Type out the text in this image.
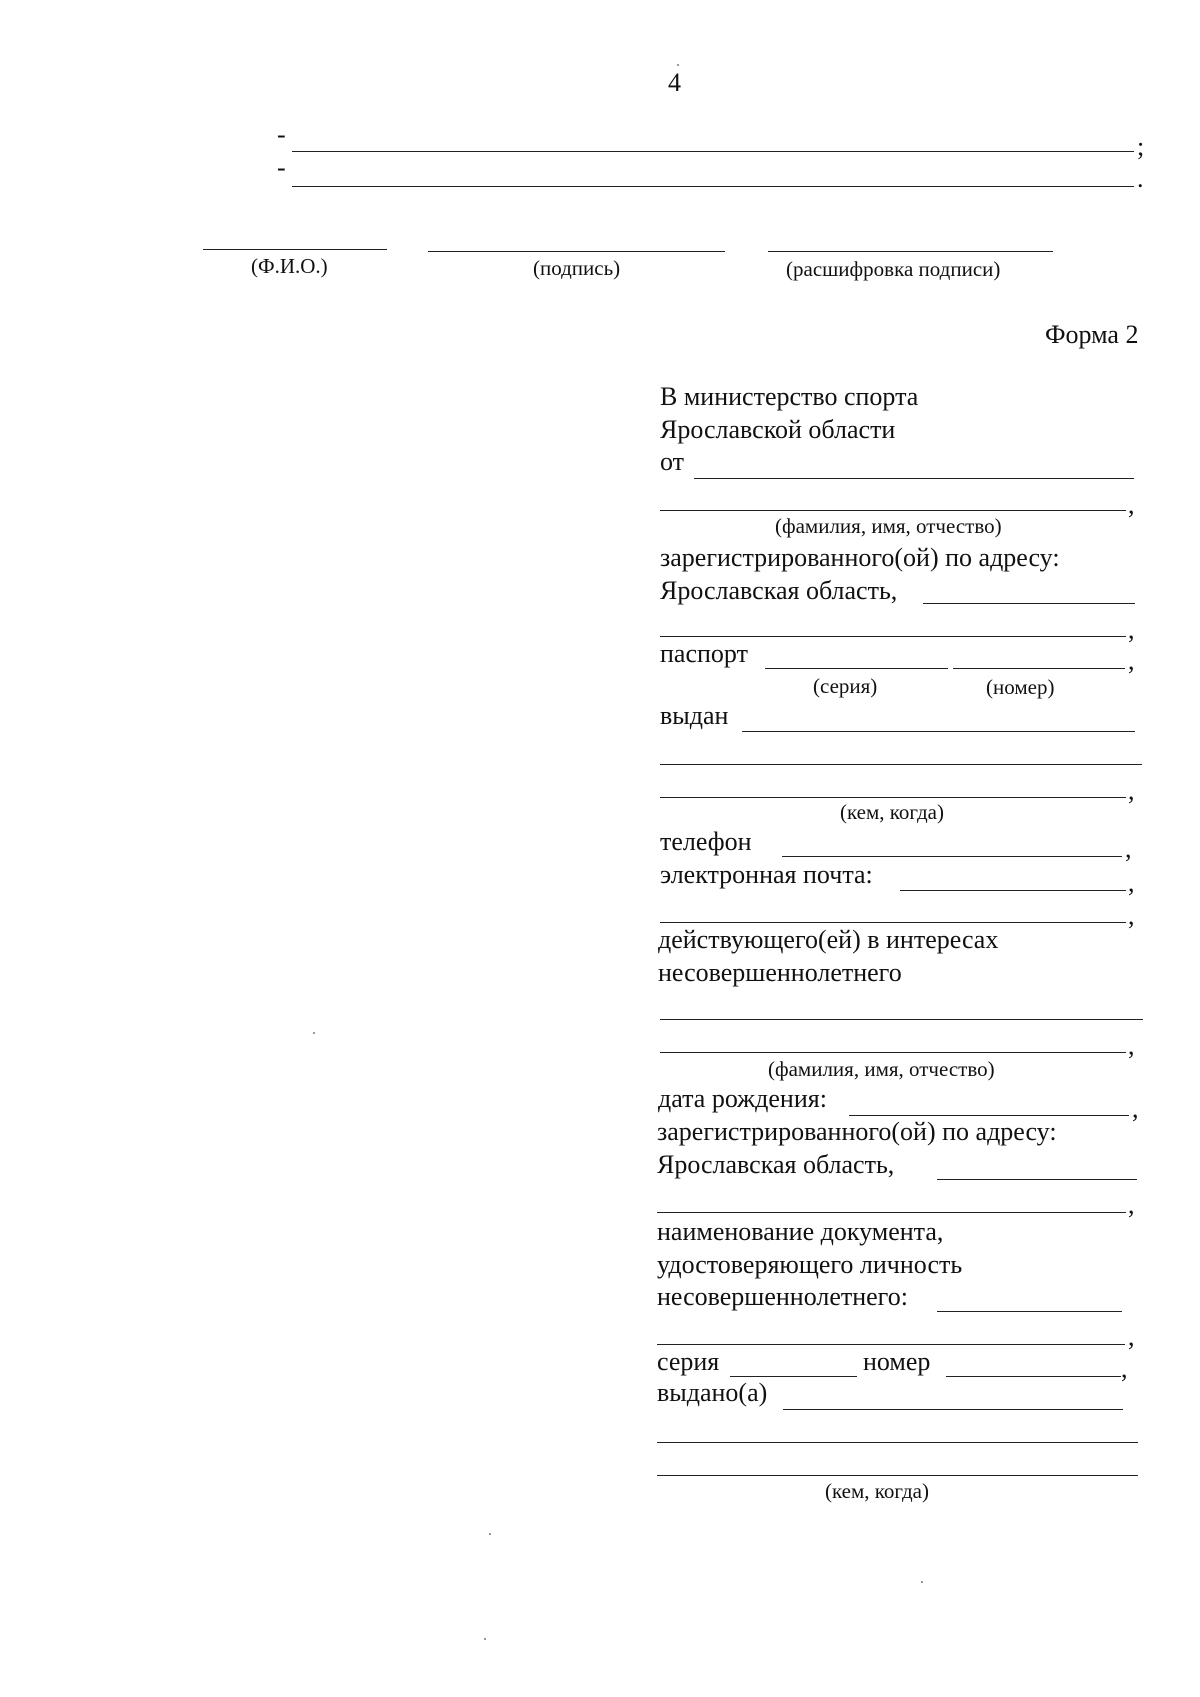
4
-	;
-	.
(Ф.И.О.)	(подпись)	(расшифровка подписи)
Форма 2
В министерство спорта
Ярославской области
от
,
(фамилия, имя, отчество)
зарегистрированного(ой) по адресу:
Ярославская область,
,
паспорт	,
(серия)	(номер)
выдан
,
(кем, когда)
телефон	,
электронная почта:	,
,
действующего(ей) в интересах
несовершеннолетнего
,
(фамилия, имя, отчество)
дата рождения:	,
зарегистрированного(ой) по адресу:
Ярославская область,
,
наименование документа,
удостоверяющего личность
несовершеннолетнего:
,
серия	номер	,
выдано(а)
(кем, когда)
